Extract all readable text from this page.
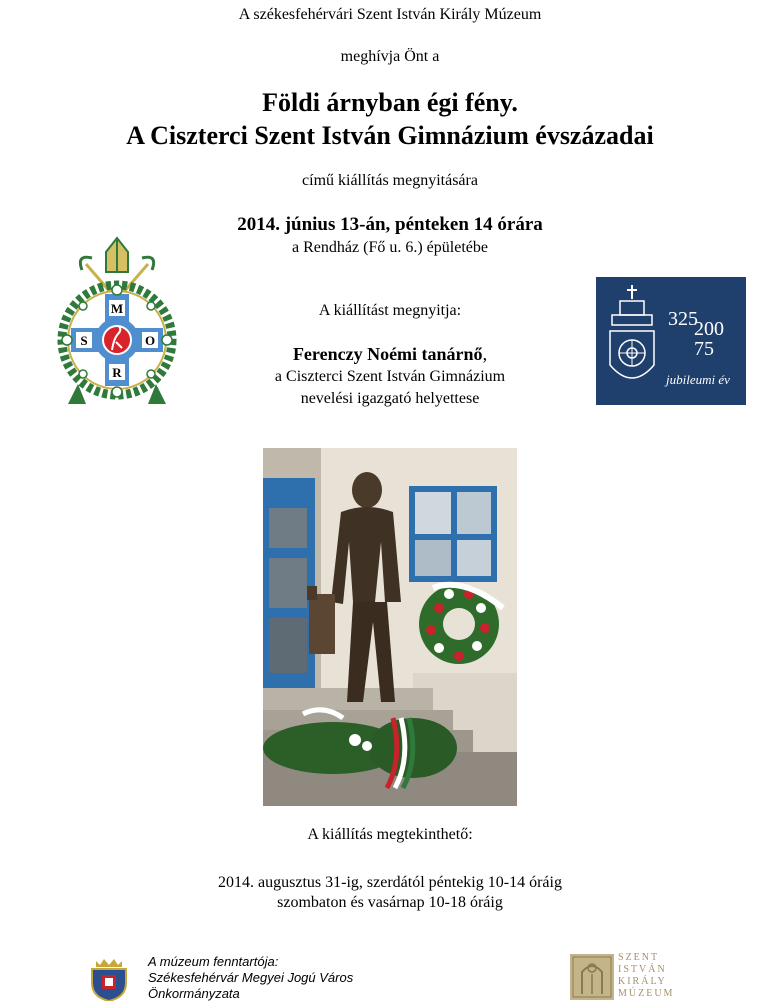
A székesfehérvári Szent István Király Múzeum
meghívja Önt a
Földi árnyban égi fény.
A Ciszterci Szent István Gimnázium évszázadai
című kiállítás megnyitására
2014. június 13-án, pénteken 14 órára
a Rendház (Fő u. 6.) épületébe
A kiállítást megnyitja:
Ferenczy Noémi tanárnő,
a Ciszterci Szent István Gimnázium
nevelési igazgató helyettese
M
S	O
R
325
200
75
jubileumi év
A kiállítás megtekinthető:
2014. augusztus 31-ig, szerdától péntekig 10-14 óráig
szombaton és vasárnap 10-18 óráig
A múzeum fenntartója:
Székesfehérvár Megyei Jogú Város
Önkormányzata
SZENT
ISTVÁN
KIRÁLY
MÚZEUM
